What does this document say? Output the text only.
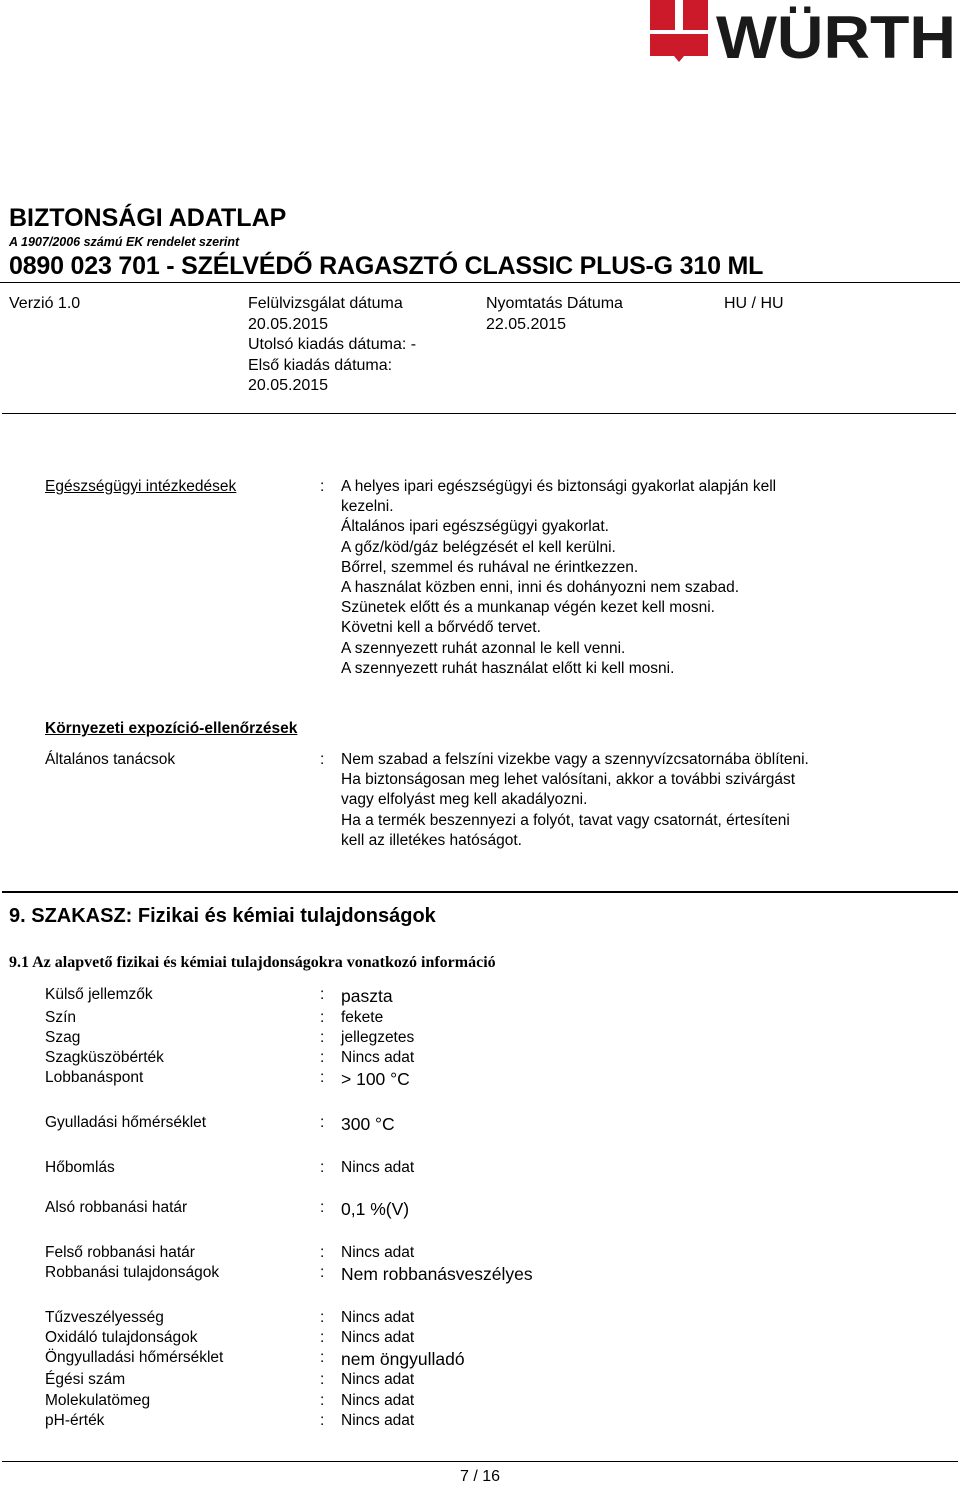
WÜRTH
BIZTONSÁGI ADATLAP
A 1907/2006 számú EK rendelet szerint
0890 023 701 - SZÉLVÉDŐ RAGASZTÓ CLASSIC PLUS-G 310 ML
Verzió 1.0	Felülvizsgálat dátuma
20.05.2015
Utolsó kiadás dátuma: -
Első kiadás dátuma:
20.05.2015
Nyomtatás Dátuma
22.05.2015
HU / HU
Egészségügyi intézkedések	: A helyes ipari egészségügyi és biztonsági gyakorlat alapján kell
kezelni.
Általános ipari egészségügyi gyakorlat.
A gőz/köd/gáz belégzését el kell kerülni.
Bőrrel, szemmel és ruhával ne érintkezzen.
A használat közben enni, inni és dohányozni nem szabad.
Szünetek előtt és a munkanap végén kezet kell mosni.
Követni kell a bőrvédő tervet.
A szennyezett ruhát azonnal le kell venni.
A szennyezett ruhát használat előtt ki kell mosni.
Környezeti expozíció-ellenőrzések
Általános tanácsok	: Nem szabad a felszíni vizekbe vagy a szennyvízcsatornába öblíteni.
Ha biztonságosan meg lehet valósítani, akkor a további szivárgást
vagy elfolyást meg kell akadályozni.
Ha a termék beszennyezi a folyót, tavat vagy csatornát, értesíteni
kell az illetékes hatóságot.
9. SZAKASZ: Fizikai és kémiai tulajdonságok
9.1 Az alapvető fizikai és kémiai tulajdonságokra vonatkozó információ
Külső jellemzők	: paszta
Szín	: fekete
Szag	: jellegzetes
Szagküszöbérték	: Nincs adat
Lobbanáspont	: > 100 °C
Gyulladási hőmérséklet	: 300 °C
Hőbomlás	: Nincs adat
Alsó robbanási határ	: 0,1 %(V)
Felső robbanási határ	: Nincs adat
Robbanási tulajdonságok	: Nem robbanásveszélyes
Tűzveszélyesség	: Nincs adat
Oxidáló tulajdonságok	: Nincs adat
Öngyulladási hőmérséklet	: nem öngyulladó
Égési szám	: Nincs adat
Molekulatömeg	: Nincs adat
pH-érték	: Nincs adat
7 / 16
